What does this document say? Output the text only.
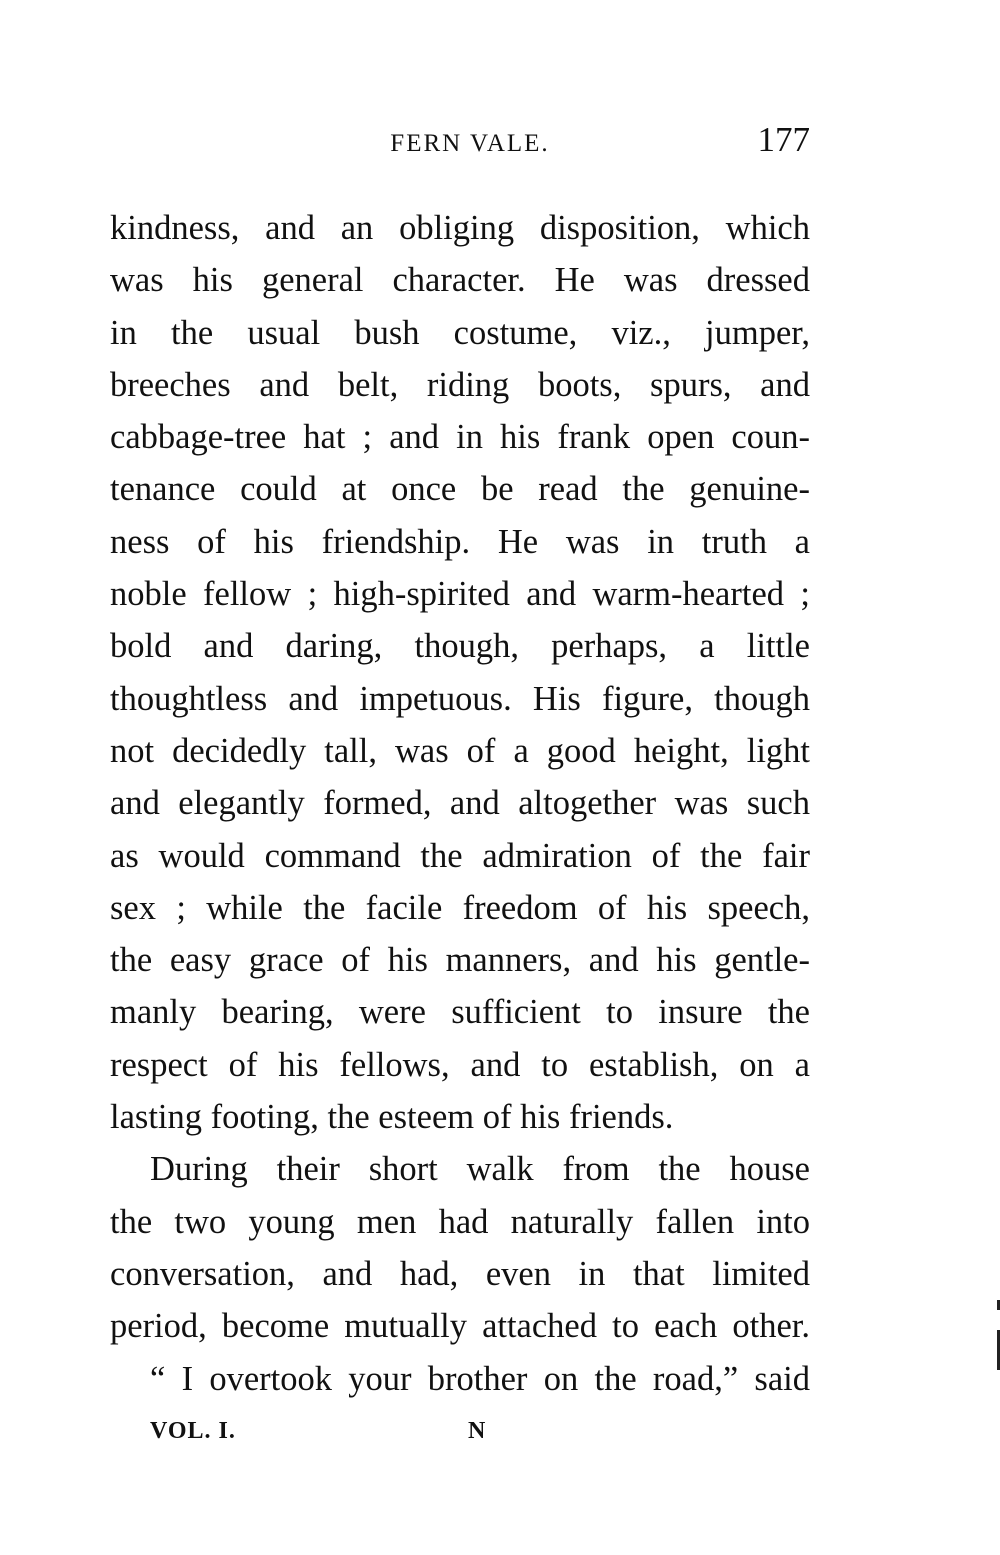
FERN VALE.	177
kindness, and an obliging disposition, which
was his general character. He was dressed
in the usual bush costume, viz., jumper,
breeches and belt, riding boots, spurs, and
cabbage-tree hat ; and in his frank open coun-
tenance could at once be read the genuine-
ness of his friendship. He was in truth a
noble fellow ; high-spirited and warm-hearted ;
bold and daring, though, perhaps, a little
thoughtless and impetuous. His figure, though
not decidedly tall, was of a good height, light
and elegantly formed, and altogether was such
as would command the admiration of the fair
sex ; while the facile freedom of his speech,
the easy grace of his manners, and his gentle-
manly bearing, were sufficient to insure the
respect of his fellows, and to establish, on a
lasting footing, the esteem of his friends.
During their short walk from the house
the two young men had naturally fallen into
conversation, and had, even in that limited
period, become mutually attached to each other.
“ I overtook your brother on the road,” said
VOL. I.	N
